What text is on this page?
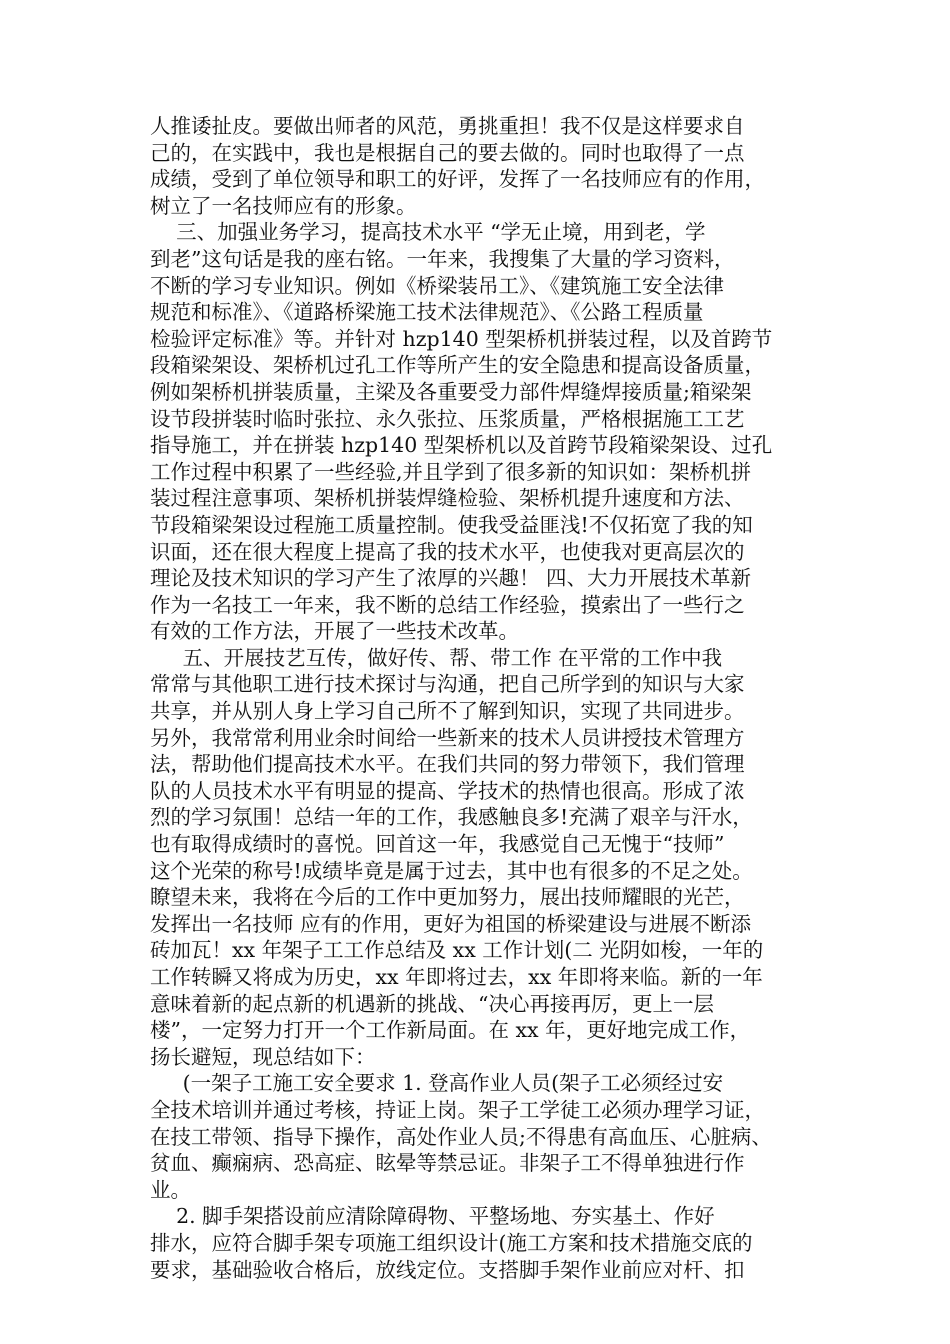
人推诿扯皮。要做出师者的风范，勇挑重担！我不仅是这样要求自
己的，在实践中，我也是根据自己的要去做的。同时也取得了一点
成绩，受到了单位领导和职工的好评，发挥了一名技师应有的作用，
树立了一名技师应有的形象。
三、加强业务学习，提高技术水平 “学无止境，用到老，学
到老”这句话是我的座右铭。一年来，我搜集了大量的学习资料，
不断的学习专业知识。例如《桥梁装吊工》、《建筑施工安全法律
规范和标准》、《道路桥梁施工技术法律规范》、《公路工程质量
检验评定标准》等。并针对 hzp140 型架桥机拼装过程，以及首跨节
段箱梁架设、架桥机过孔工作等所产生的安全隐患和提高设备质量，
例如架桥机拼装质量，主梁及各重要受力部件焊缝焊接质量;箱梁架
设节段拼装时临时张拉、永久张拉、压浆质量，严格根据施工工艺
指导施工，并在拼装 hzp140 型架桥机以及首跨节段箱梁架设、过孔
工作过程中积累了一些经验,并且学到了很多新的知识如：架桥机拼
装过程注意事项、架桥机拼装焊缝检验、架桥机提升速度和方法、
节段箱梁架设过程施工质量控制。使我受益匪浅!不仅拓宽了我的知
识面，还在很大程度上提高了我的技术水平，也使我对更高层次的
理论及技术知识的学习产生了浓厚的兴趣！ 四、大力开展技术革新
作为一名技工一年来，我不断的总结工作经验，摸索出了一些行之
有效的工作方法，开展了一些技术改革。
五、开展技艺互传，做好传、帮、带工作 在平常的工作中我
常常与其他职工进行技术探讨与沟通，把自己所学到的知识与大家
共享，并从别人身上学习自己所不了解到知识，实现了共同进步。
另外，我常常利用业余时间给一些新来的技术人员讲授技术管理方
法，帮助他们提高技术水平。在我们共同的努力带领下，我们管理
队的人员技术水平有明显的提高、学技术的热情也很高。形成了浓
烈的学习氛围！总结一年的工作，我感触良多!充满了艰辛与汗水，
也有取得成绩时的喜悦。回首这一年，我感觉自己无愧于“技师”
这个光荣的称号!成绩毕竟是属于过去，其中也有很多的不足之处。
瞭望未来，我将在今后的工作中更加努力，展出技师耀眼的光芒，
发挥出一名技师 应有的作用，更好为祖国的桥梁建设与进展不断添
砖加瓦！xx 年架子工工作总结及 xx 工作计划(二 光阴如梭，一年的
工作转瞬又将成为历史，xx 年即将过去，xx 年即将来临。新的一年
意味着新的起点新的机遇新的挑战、“决心再接再厉，更上一层
楼”，一定努力打开一个工作新局面。在 xx 年，更好地完成工作，
扬长避短，现总结如下：
(一架子工施工安全要求 1. 登高作业人员(架子工必须经过安
全技术培训并通过考核，持证上岗。架子工学徒工必须办理学习证，
在技工带领、指导下操作，高处作业人员;不得患有高血压、心脏病、
贫血、癫痫病、恐高症、眩晕等禁忌证。非架子工不得单独进行作
业。
2. 脚手架搭设前应清除障碍物、平整场地、夯实基土、作好
排水，应符合脚手架专项施工组织设计(施工方案和技术措施交底的
要求，基础验收合格后，放线定位。支搭脚手架作业前应对杆、扣
